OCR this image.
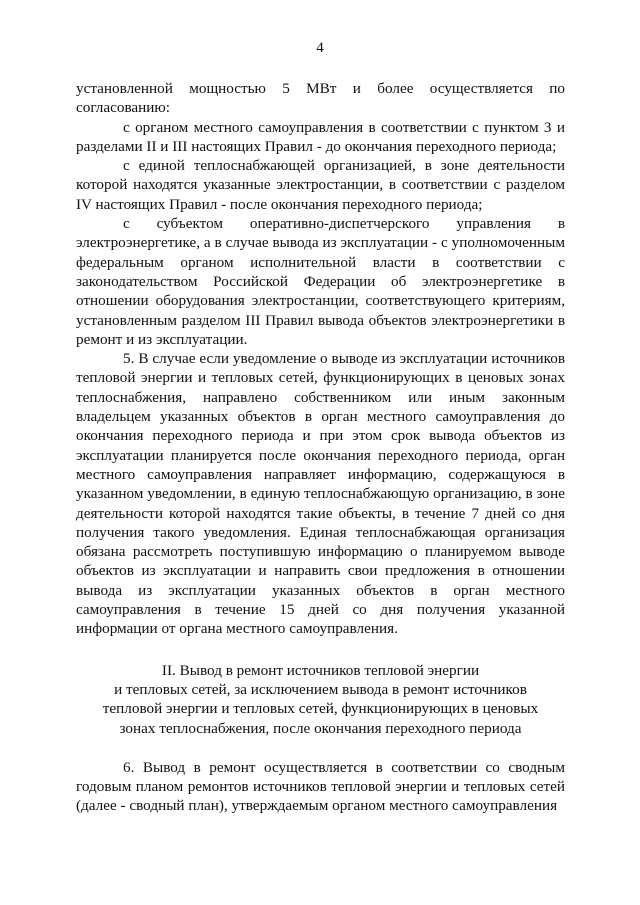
4

установленной мощностью 5 МВт и более осуществляется по согласованию:

с органом местного самоуправления в соответствии с пунктом 3 и разделами II и III настоящих Правил - до окончания переходного периода;

с единой теплоснабжающей организацией, в зоне деятельности которой находятся указанные электростанции, в соответствии с разделом IV настоящих Правил - после окончания переходного периода;

с субъектом оперативно-диспетчерского управления в электроэнергетике, а в случае вывода из эксплуатации - с уполномоченным федеральным органом исполнительной власти в соответствии с законодательством Российской Федерации об электроэнергетике в отношении оборудования электростанции, соответствующего критериям, установленным разделом III Правил вывода объектов электроэнергетики в ремонт и из эксплуатации.

5. В случае если уведомление о выводе из эксплуатации источников тепловой энергии и тепловых сетей, функционирующих в ценовых зонах теплоснабжения, направлено собственником или иным законным владельцем указанных объектов в орган местного самоуправления до окончания переходного периода и при этом срок вывода объектов из эксплуатации планируется после окончания переходного периода, орган местного самоуправления направляет информацию, содержащуюся в указанном уведомлении, в единую теплоснабжающую организацию, в зоне деятельности которой находятся такие объекты, в течение 7 дней со дня получения такого уведомления. Единая теплоснабжающая организация обязана рассмотреть поступившую информацию о планируемом выводе объектов из эксплуатации и направить свои предложения в отношении вывода из эксплуатации указанных объектов в орган местного самоуправления в течение 15 дней со дня получения указанной информации от органа местного самоуправления.

II. Вывод в ремонт источников тепловой энергии
и тепловых сетей, за исключением вывода в ремонт источников
тепловой энергии и тепловых сетей, функционирующих в ценовых
зонах теплоснабжения, после окончания переходного периода

6. Вывод в ремонт осуществляется в соответствии со сводным годовым планом ремонтов источников тепловой энергии и тепловых сетей (далее - сводный план), утверждаемым органом местного самоуправления
